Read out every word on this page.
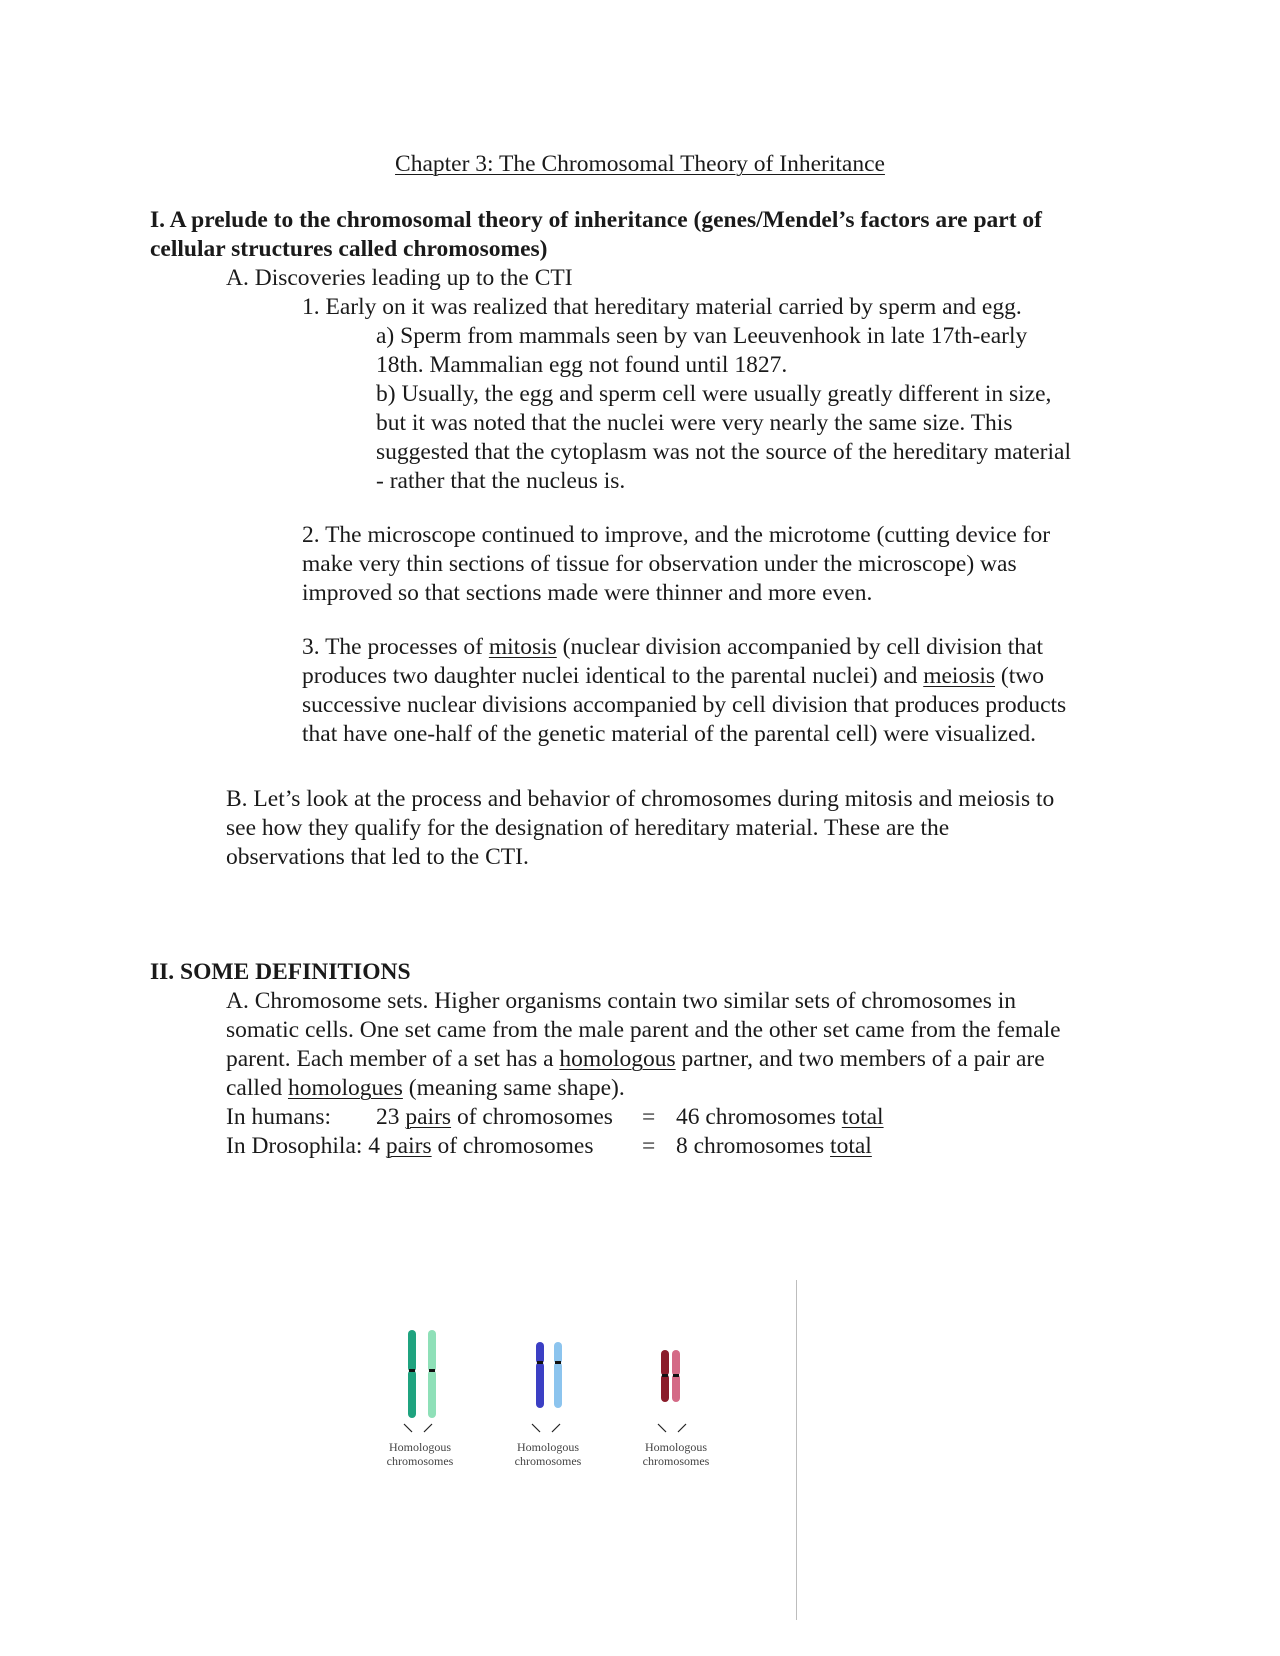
Chapter 3: The Chromosomal Theory of Inheritance
I. A prelude to the chromosomal theory of inheritance (genes/Mendel’s factors are part of
cellular structures called chromosomes)
A. Discoveries leading up to the CTI
1. Early on it was realized that hereditary material carried by sperm and egg.
a) Sperm from mammals seen by van Leeuvenhook in late 17th-early
18th. Mammalian egg not found until 1827.
b) Usually, the egg and sperm cell were usually greatly different in size,
but it was noted that the nuclei were very nearly the same size. This
suggested that the cytoplasm was not the source of the hereditary material
- rather that the nucleus is.
2. The microscope continued to improve, and the microtome (cutting device for
make very thin sections of tissue for observation under the microscope) was
improved so that sections made were thinner and more even.
3. The processes of mitosis (nuclear division accompanied by cell division that
produces two daughter nuclei identical to the parental nuclei) and meiosis (two
successive nuclear divisions accompanied by cell division that produces products
that have one-half of the genetic material of the parental cell) were visualized.
B. Let’s look at the process and behavior of chromosomes during mitosis and meiosis to
see how they qualify for the designation of hereditary material. These are the
observations that led to the CTI.
II. SOME DEFINITIONS
A. Chromosome sets. Higher organisms contain two similar sets of chromosomes in
somatic cells. One set came from the male parent and the other set came from the female
parent. Each member of a set has a homologous partner, and two members of a pair are
called homologues (meaning same shape).
In humans: 23 pairs of chromosomes = 46 chromosomes total
In Drosophila: 4 pairs of chromosomes = 8 chromosomes total
Homologous
chromosomes
Homologous
chromosomes
Homologous
chromosomes
